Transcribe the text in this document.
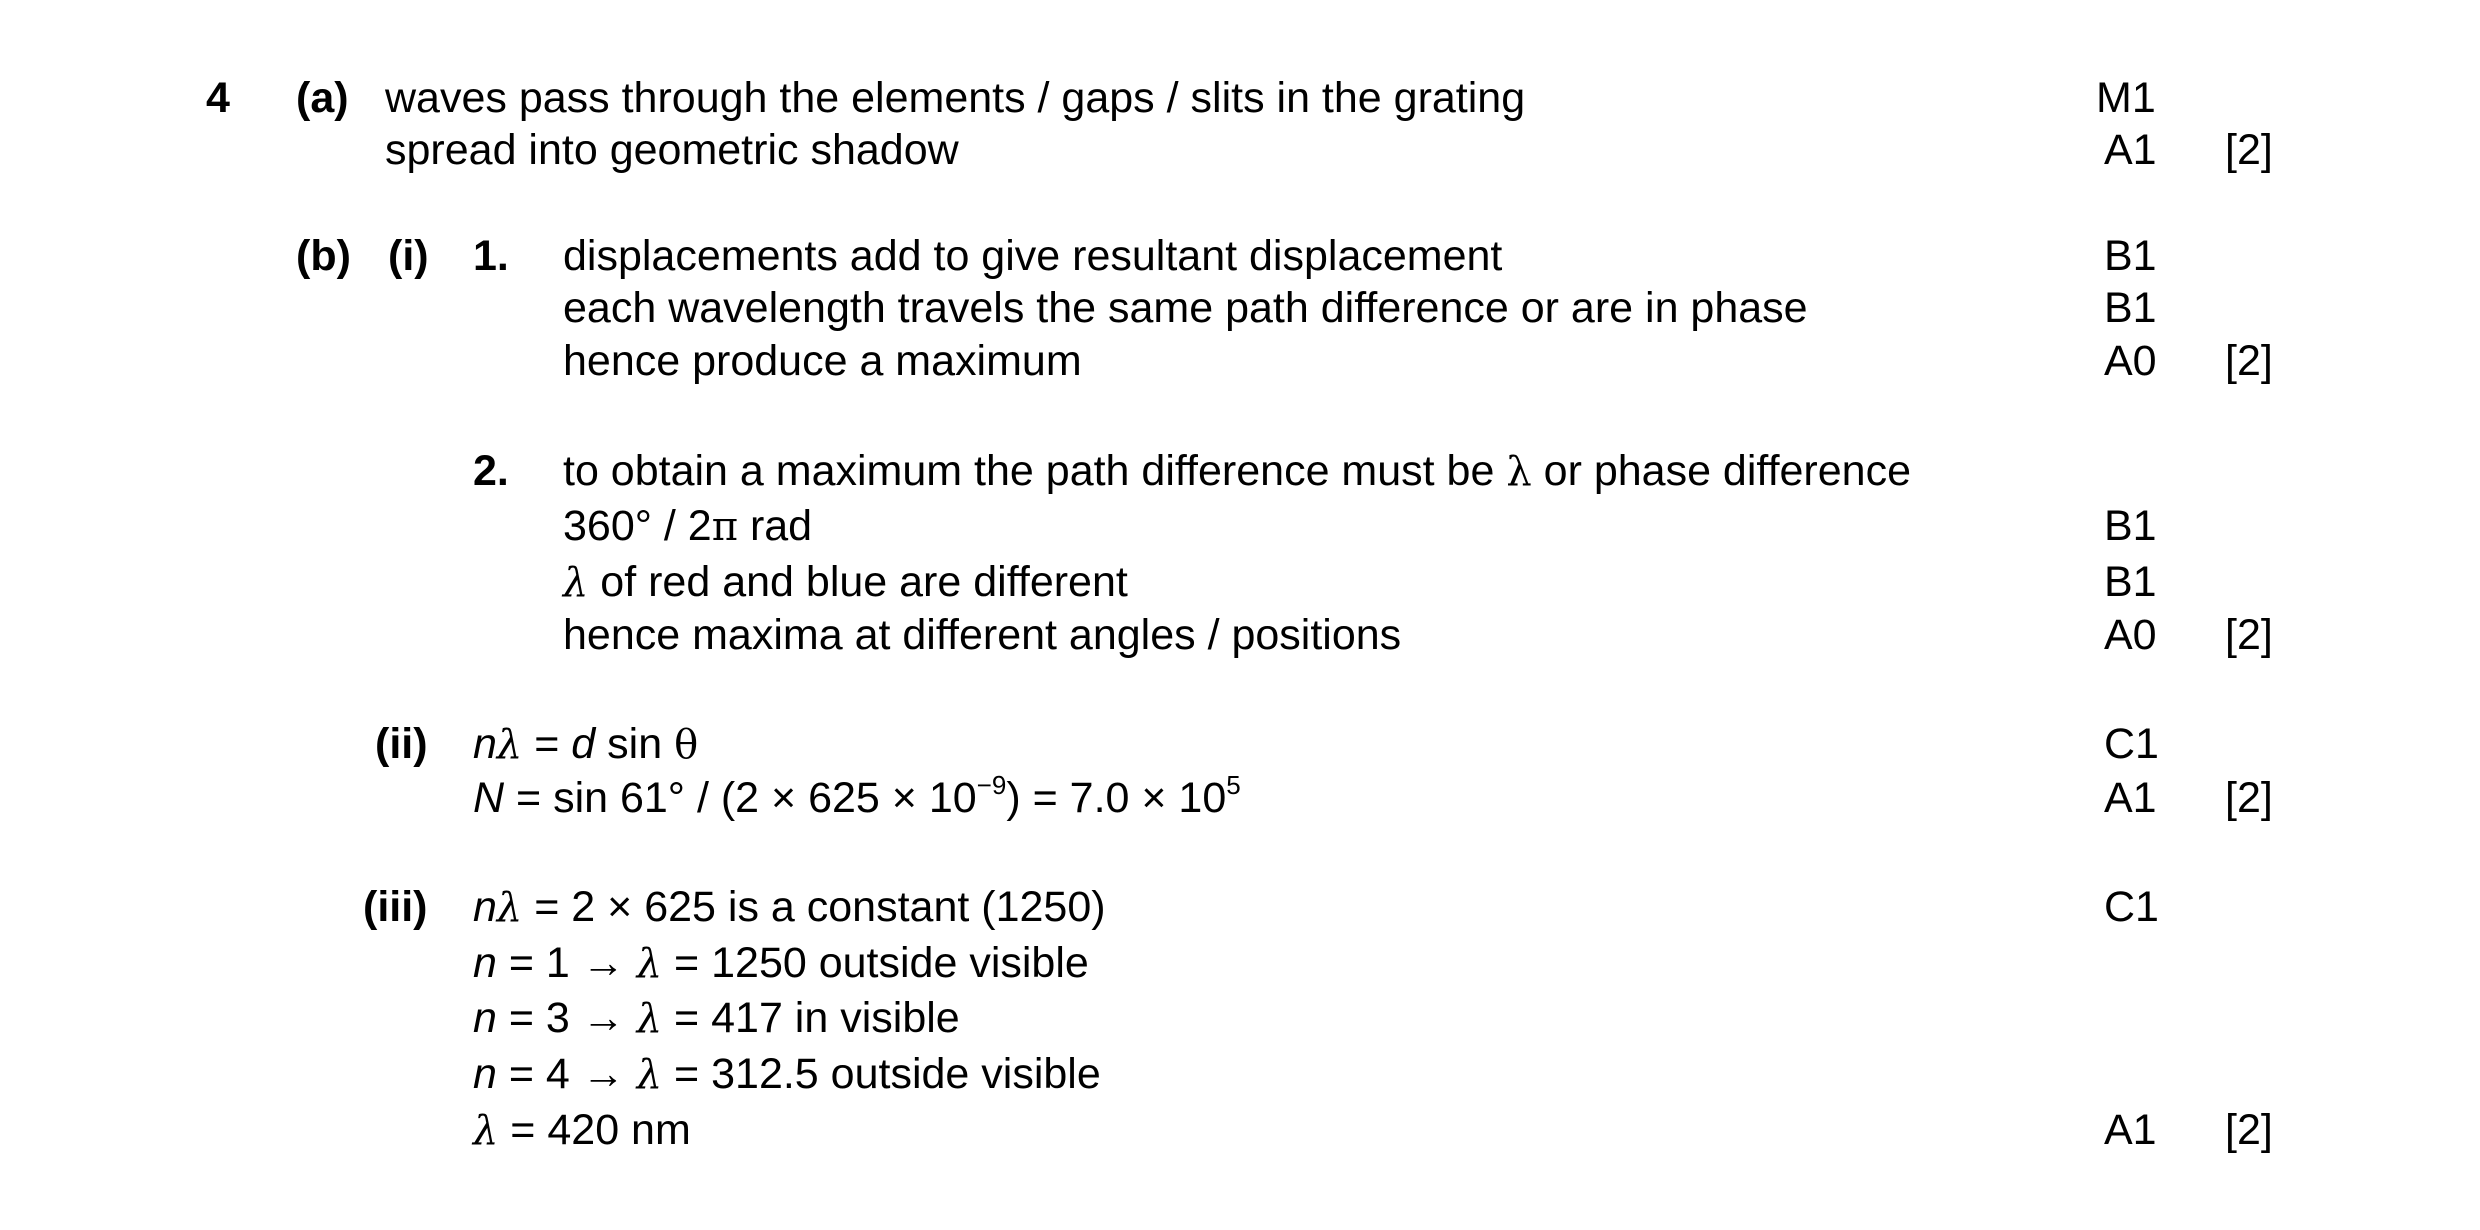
4 (a) waves pass through the elements / gaps / slits in the grating	M1
spread into geometric shadow	A1 [2]
(b) (i) 1. displacements add to give resultant displacement	B1
each wavelength travels the same path difference or are in phase	B1
hence produce a maximum	A0 [2]
2. to obtain a maximum the path difference must be λ or phase difference
360° / 2π rad	B1
λ of red and blue are different	B1
hence maxima at different angles / positions	A0 [2]
(ii) nλ = d sin θ	C1
$N = \sin 61^\circ / (2 \times 625 \times 10^{-9}) = 7.0 \times 10^5$	A1 [2]
(iii) nλ = 2 × 625 is a constant (1250)	C1
n = 1 → λ = 1250 outside visible
n = 3 → λ = 417 in visible
n = 4 → λ = 312.5 outside visible
λ = 420 nm	A1 [2]
